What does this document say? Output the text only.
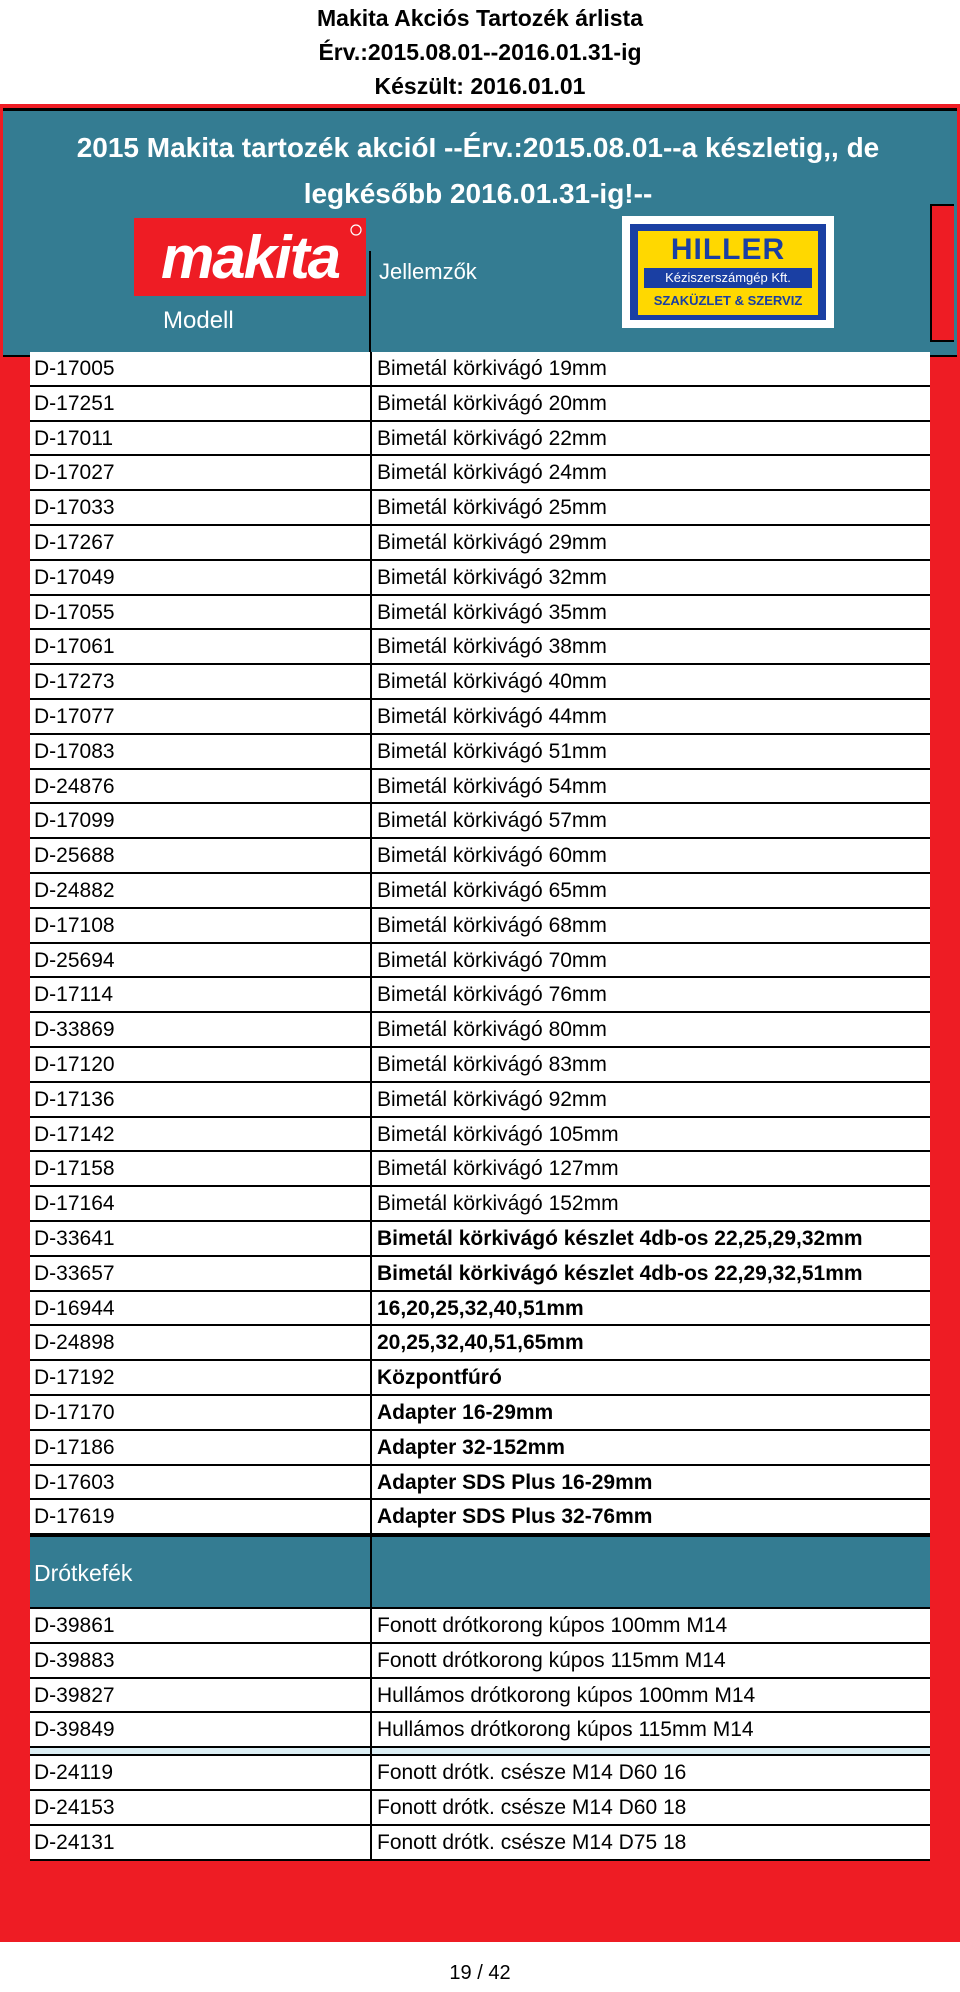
Makita Akciós Tartozék árlista
Érv.:2015.08.01--2016.01.31-ig
Készült: 2016.01.01
2015 Makita tartozék akcióI --Érv.:2015.08.01--a készletig,, de
legkésőbb 2016.01.31-ig!--
Modell
Jellemzők
makita	HILLER
Kéziszerszámgép Kft.
SZAKÜZLET & SZERVIZ
D-17005	Bimetál körkivágó 19mm
D-17251	Bimetál körkivágó 20mm
D-17011	Bimetál körkivágó 22mm
D-17027	Bimetál körkivágó 24mm
D-17033	Bimetál körkivágó 25mm
D-17267	Bimetál körkivágó 29mm
D-17049	Bimetál körkivágó 32mm
D-17055	Bimetál körkivágó 35mm
D-17061	Bimetál körkivágó 38mm
D-17273	Bimetál körkivágó 40mm
D-17077	Bimetál körkivágó 44mm
D-17083	Bimetál körkivágó 51mm
D-24876	Bimetál körkivágó 54mm
D-17099	Bimetál körkivágó 57mm
D-25688	Bimetál körkivágó 60mm
D-24882	Bimetál körkivágó 65mm
D-17108	Bimetál körkivágó 68mm
D-25694	Bimetál körkivágó 70mm
D-17114	Bimetál körkivágó 76mm
D-33869	Bimetál körkivágó 80mm
D-17120	Bimetál körkivágó 83mm
D-17136	Bimetál körkivágó 92mm
D-17142	Bimetál körkivágó 105mm
D-17158	Bimetál körkivágó 127mm
D-17164	Bimetál körkivágó 152mm
D-33641	Bimetál körkivágó készlet 4db-os 22,25,29,32mm
D-33657	Bimetál körkivágó készlet 4db-os 22,29,32,51mm
D-16944	16,20,25,32,40,51mm
D-24898	20,25,32,40,51,65mm
D-17192	Központfúró
D-17170	Adapter 16-29mm
D-17186	Adapter 32-152mm
D-17603	Adapter SDS Plus 16-29mm
D-17619	Adapter SDS Plus 32-76mm
Drótkefék
D-39861	Fonott drótkorong kúpos 100mm M14
D-39883	Fonott drótkorong kúpos 115mm M14
D-39827	Hullámos drótkorong kúpos 100mm M14
D-39849	Hullámos drótkorong kúpos 115mm M14
D-24119	Fonott drótk. csésze M14 D60 16
D-24153	Fonott drótk. csésze M14 D60 18
D-24131	Fonott drótk. csésze M14 D75 18
19 / 42
